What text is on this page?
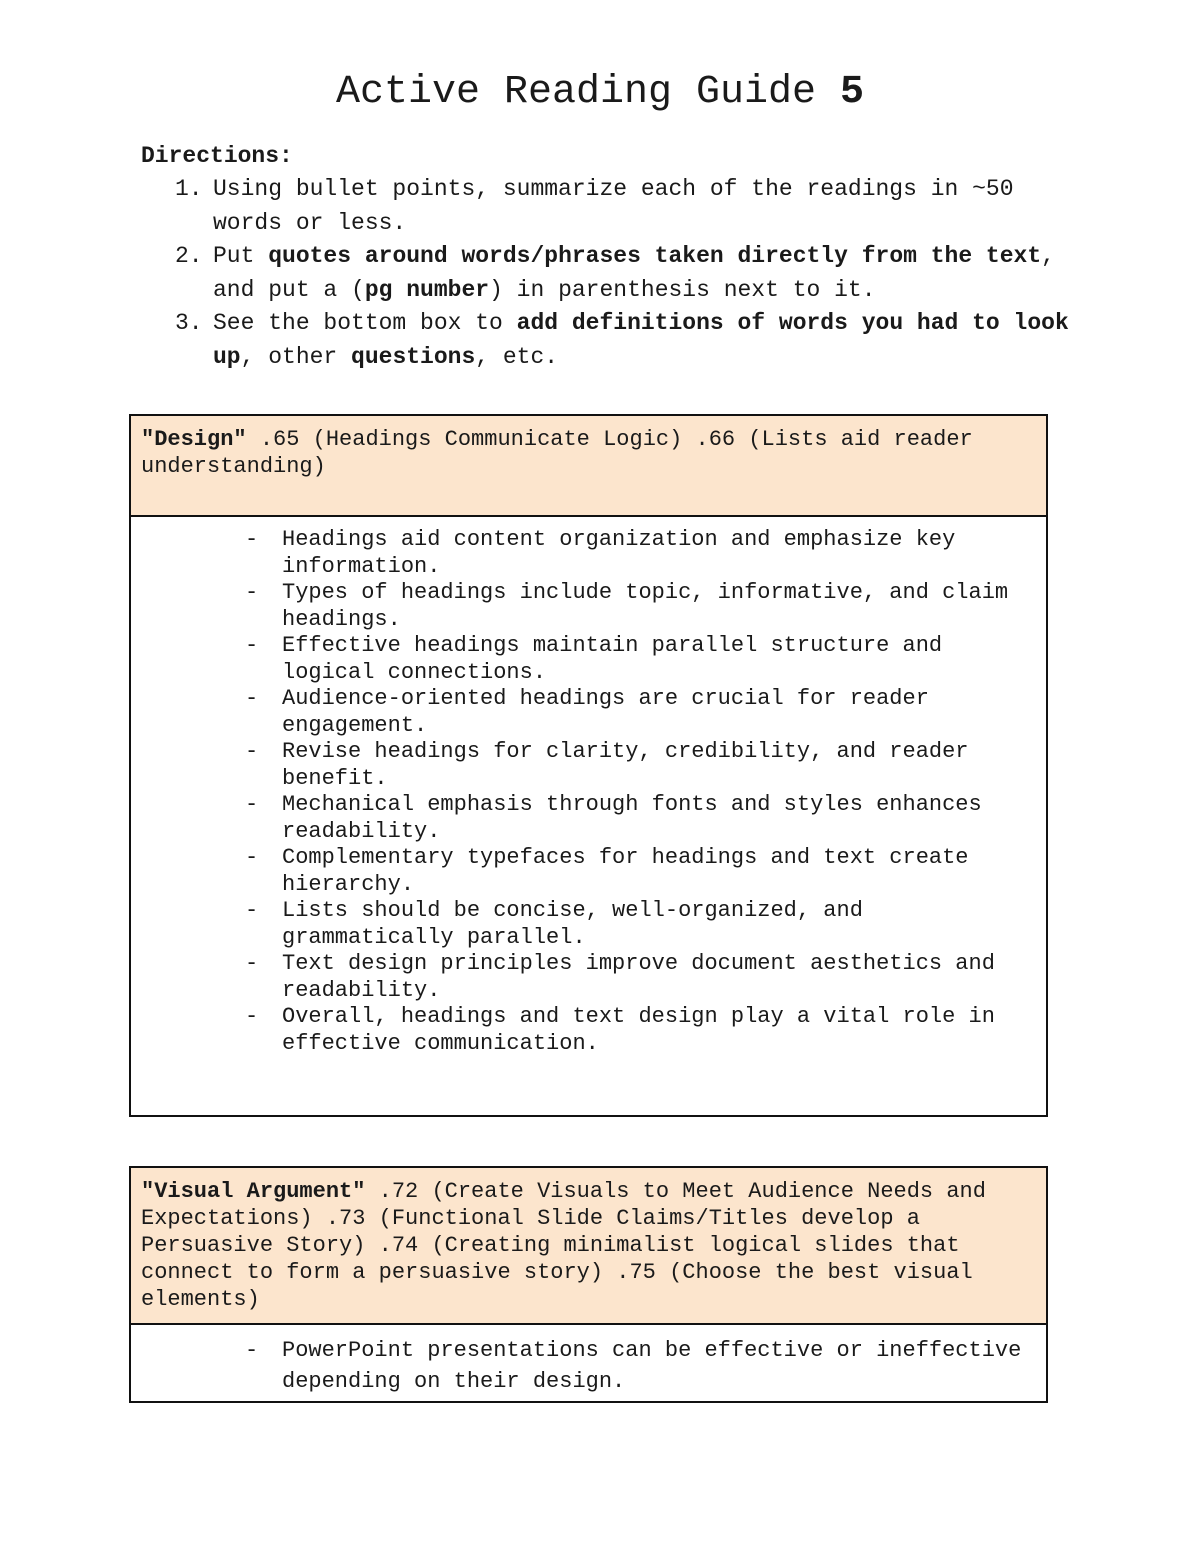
Active Reading Guide 5
Directions:
1. Using bullet points, summarize each of the readings in ~50 words or less.
2. Put quotes around words/phrases taken directly from the text, and put a (pg number) in parenthesis next to it.
3. See the bottom box to add definitions of words you had to look up, other questions, etc.
"Design" .65 (Headings Communicate Logic) .66 (Lists aid reader understanding)
- Headings aid content organization and emphasize key information.
- Types of headings include topic, informative, and claim headings.
- Effective headings maintain parallel structure and logical connections.
- Audience-oriented headings are crucial for reader engagement.
- Revise headings for clarity, credibility, and reader benefit.
- Mechanical emphasis through fonts and styles enhances readability.
- Complementary typefaces for headings and text create hierarchy.
- Lists should be concise, well-organized, and grammatically parallel.
- Text design principles improve document aesthetics and readability.
- Overall, headings and text design play a vital role in effective communication.
"Visual Argument" .72 (Create Visuals to Meet Audience Needs and Expectations) .73 (Functional Slide Claims/Titles develop a Persuasive Story) .74 (Creating minimalist logical slides that connect to form a persuasive story) .75 (Choose the best visual elements)
- PowerPoint presentations can be effective or ineffective depending on their design.
